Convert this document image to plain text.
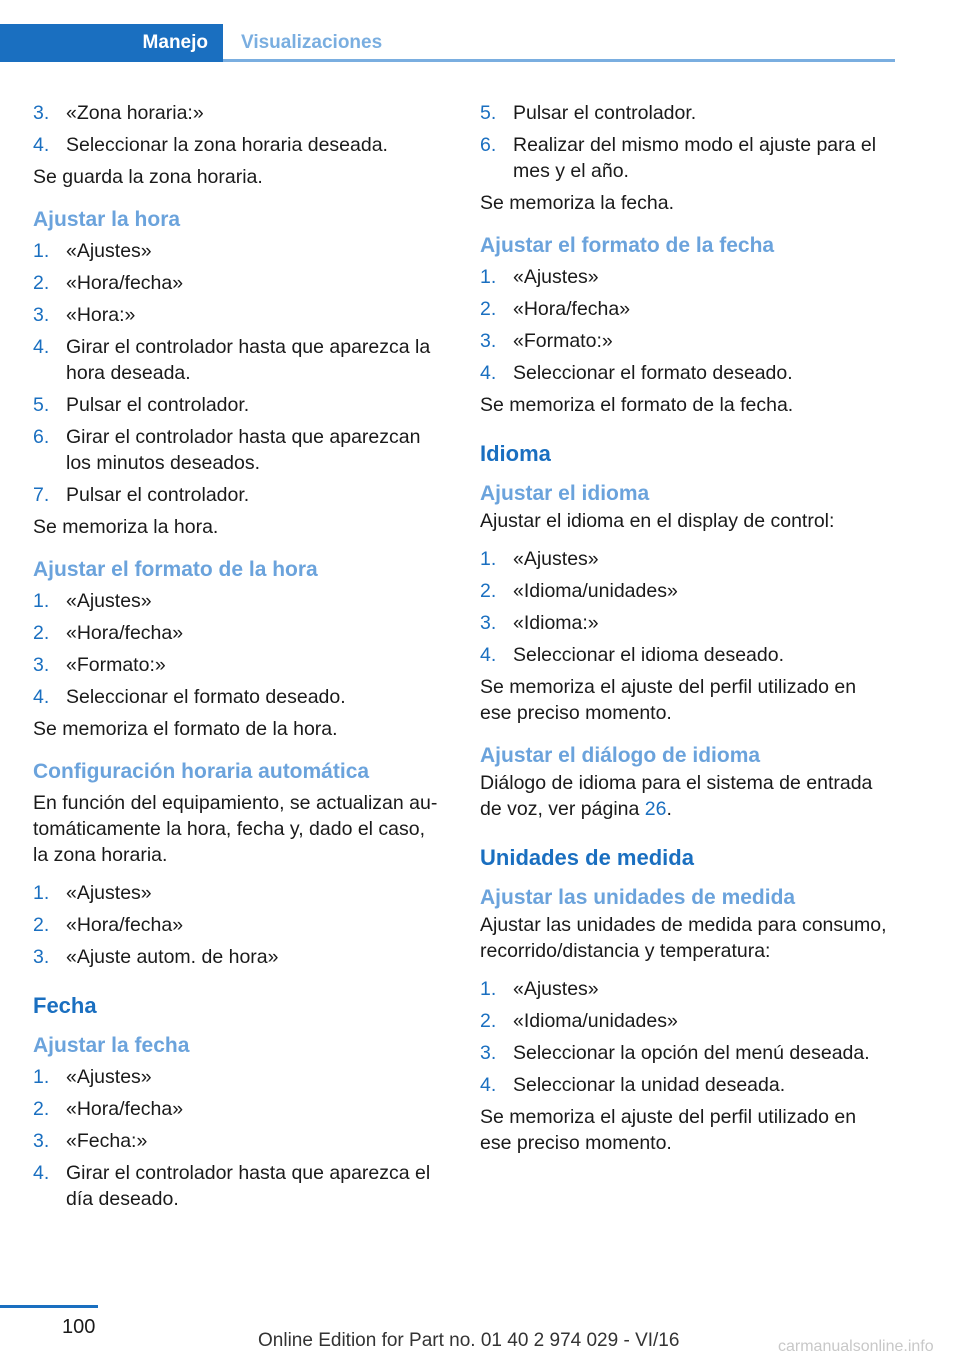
Manejo	Visualizaciones
3. «Zona horaria:»
4. Seleccionar la zona horaria deseada.

Se guarda la zona horaria.

Ajustar la hora
1. «Ajustes»
2. «Hora/fecha»
3. «Hora:»
4. Girar el controlador hasta que aparezca la hora deseada.
5. Pulsar el controlador.
6. Girar el controlador hasta que aparezcan los minutos deseados.
7. Pulsar el controlador.

Se memoriza la hora.

Ajustar el formato de la hora
1. «Ajustes»
2. «Hora/fecha»
3. «Formato:»
4. Seleccionar el formato deseado.

Se memoriza el formato de la hora.

Configuración horaria automática

En función del equipamiento, se actualizan automáticamente la hora, fecha y, dado el caso, la zona horaria.

1. «Ajustes»
2. «Hora/fecha»
3. «Ajuste autom. de hora»
Fecha
Ajustar la fecha
1. «Ajustes»
2. «Hora/fecha»
3. «Fecha:»
4. Girar el controlador hasta que aparezca el día deseado.
5. Pulsar el controlador.
6. Realizar del mismo modo el ajuste para el mes y el año.

Se memoriza la fecha.

Ajustar el formato de la fecha
1. «Ajustes»
2. «Hora/fecha»
3. «Formato:»
4. Seleccionar el formato deseado.

Se memoriza el formato de la fecha.

Idioma
Ajustar el idioma

Ajustar el idioma en el display de control:

1. «Ajustes»
2. «Idioma/unidades»
3. «Idioma:»
4. Seleccionar el idioma deseado.

Se memoriza el ajuste del perfil utilizado en ese preciso momento.

Ajustar el diálogo de idioma

Diálogo de idioma para el sistema de entrada de voz, ver página 26.

Unidades de medida
Ajustar las unidades de medida

Ajustar las unidades de medida para consumo, recorrido/distancia y temperatura:

1. «Ajustes»
2. «Idioma/unidades»
3. Seleccionar la opción del menú deseada.
4. Seleccionar la unidad deseada.

Se memoriza el ajuste del perfil utilizado en ese preciso momento.

100
Online Edition for Part no. 01 40 2 974 029 - VI/16	carmanualsonline.info
